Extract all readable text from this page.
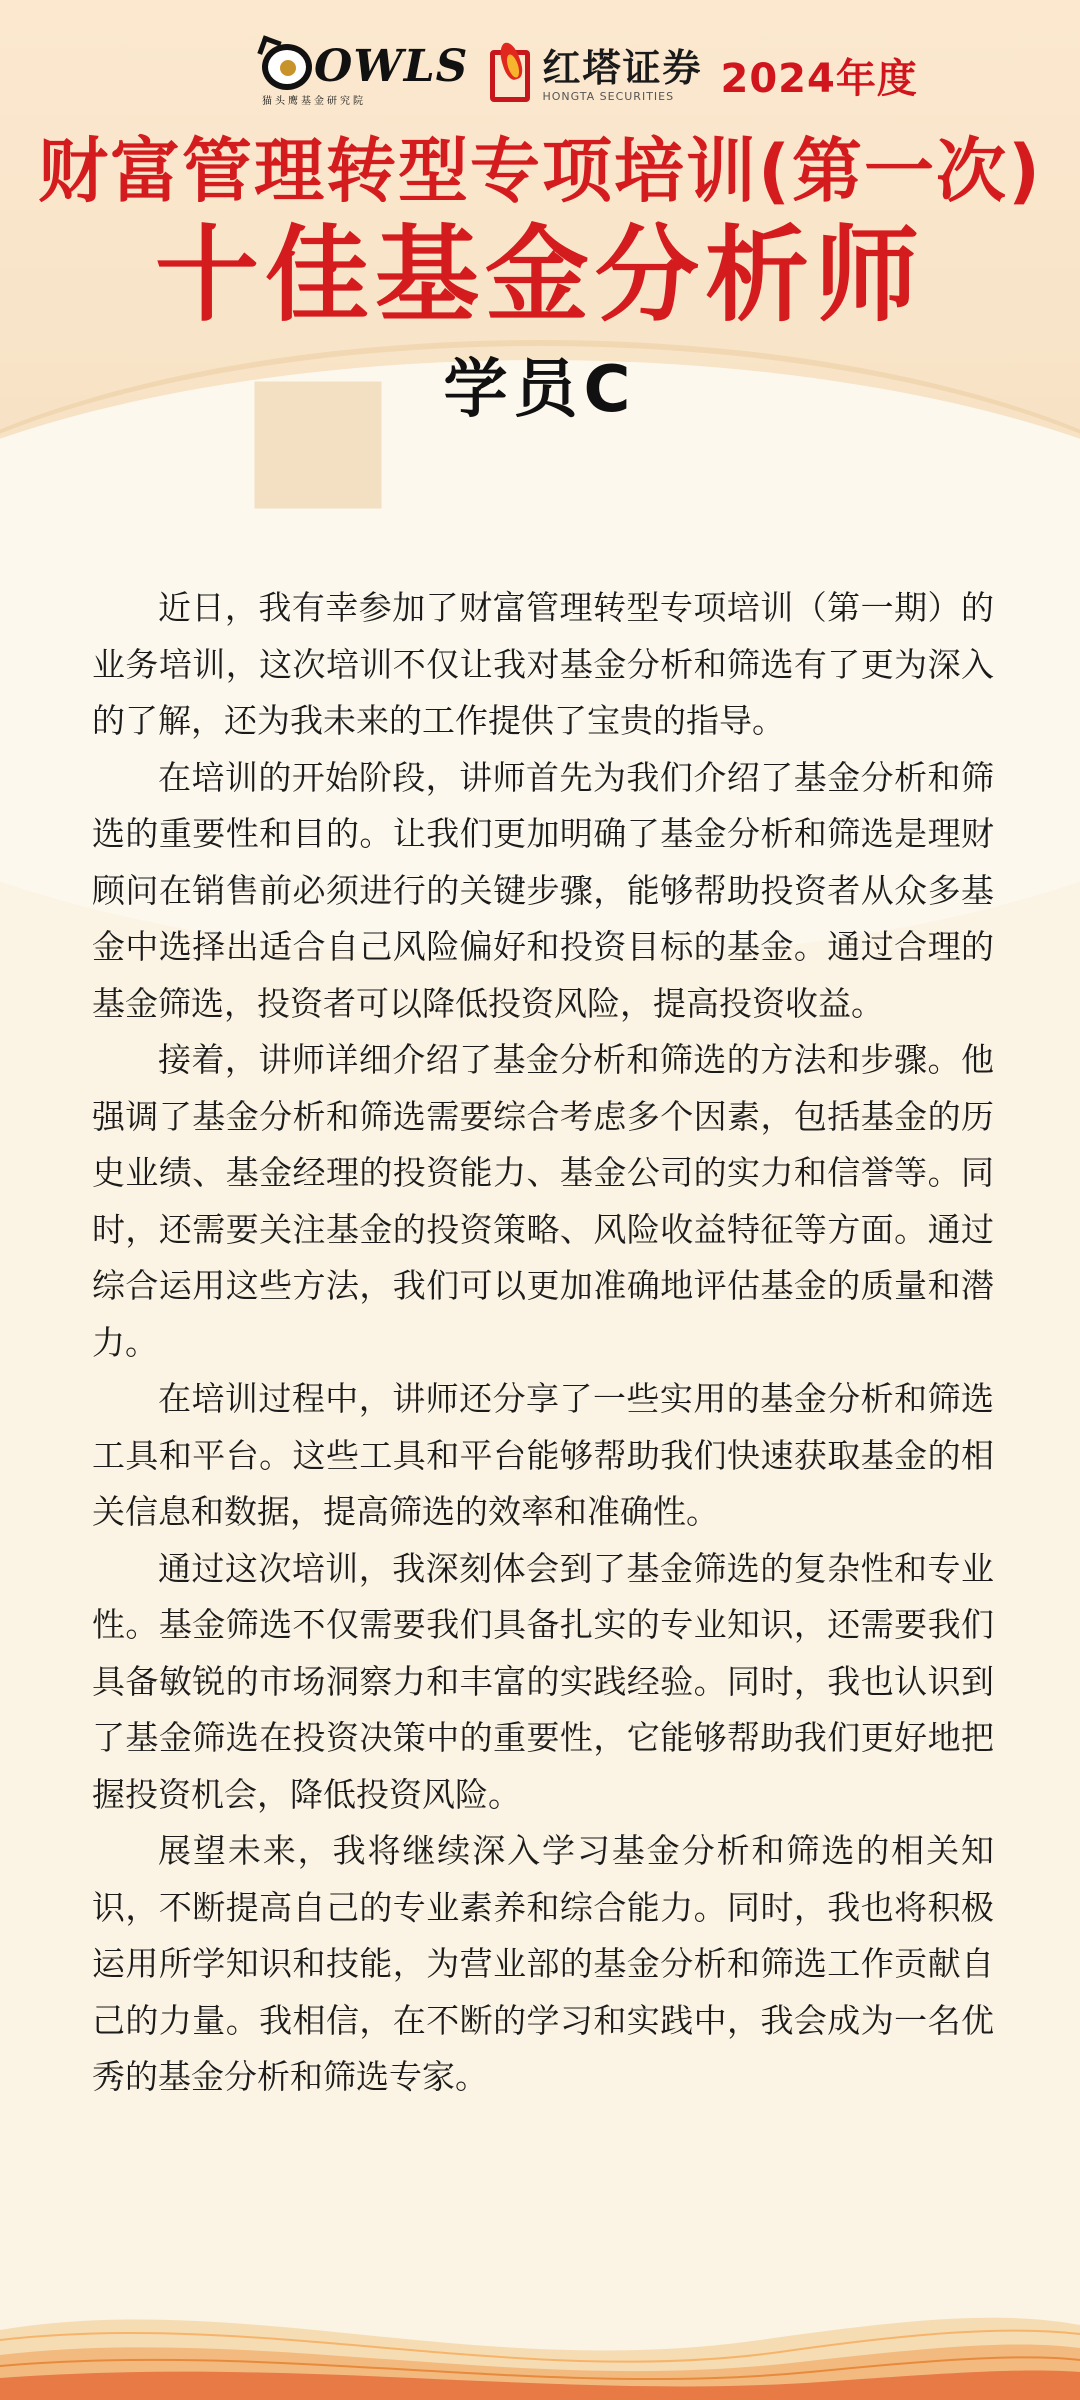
OWLS
猫头鹰基金研究院
红塔证券
HONGTA SECURITIES	2024年度
财富管理转型专项培训(第一次)
十佳基金分析师
学员C

近日，我有幸参加了财富管理转型专项培训（第一期）的业务培训，这次培训不仅让我对基金分析和筛选有了更为深入的了解，还为我未来的工作提供了宝贵的指导。

在培训的开始阶段，讲师首先为我们介绍了基金分析和筛选的重要性和目的。让我们更加明确了基金分析和筛选是理财顾问在销售前必须进行的关键步骤，能够帮助投资者从众多基金中选择出适合自己风险偏好和投资目标的基金。通过合理的基金筛选，投资者可以降低投资风险，提高投资收益。

接着，讲师详细介绍了基金分析和筛选的方法和步骤。他强调了基金分析和筛选需要综合考虑多个因素，包括基金的历史业绩、基金经理的投资能力、基金公司的实力和信誉等。同时，还需要关注基金的投资策略、风险收益特征等方面。通过综合运用这些方法，我们可以更加准确地评估基金的质量和潜力。

在培训过程中，讲师还分享了一些实用的基金分析和筛选工具和平台。这些工具和平台能够帮助我们快速获取基金的相关信息和数据，提高筛选的效率和准确性。

通过这次培训，我深刻体会到了基金筛选的复杂性和专业性。基金筛选不仅需要我们具备扎实的专业知识，还需要我们具备敏锐的市场洞察力和丰富的实践经验。同时，我也认识到了基金筛选在投资决策中的重要性，它能够帮助我们更好地把握投资机会，降低投资风险。

展望未来，我将继续深入学习基金分析和筛选的相关知识，不断提高自己的专业素养和综合能力。同时，我也将积极运用所学知识和技能，为营业部的基金分析和筛选工作贡献自己的力量。我相信，在不断的学习和实践中，我会成为一名优秀的基金分析和筛选专家。
